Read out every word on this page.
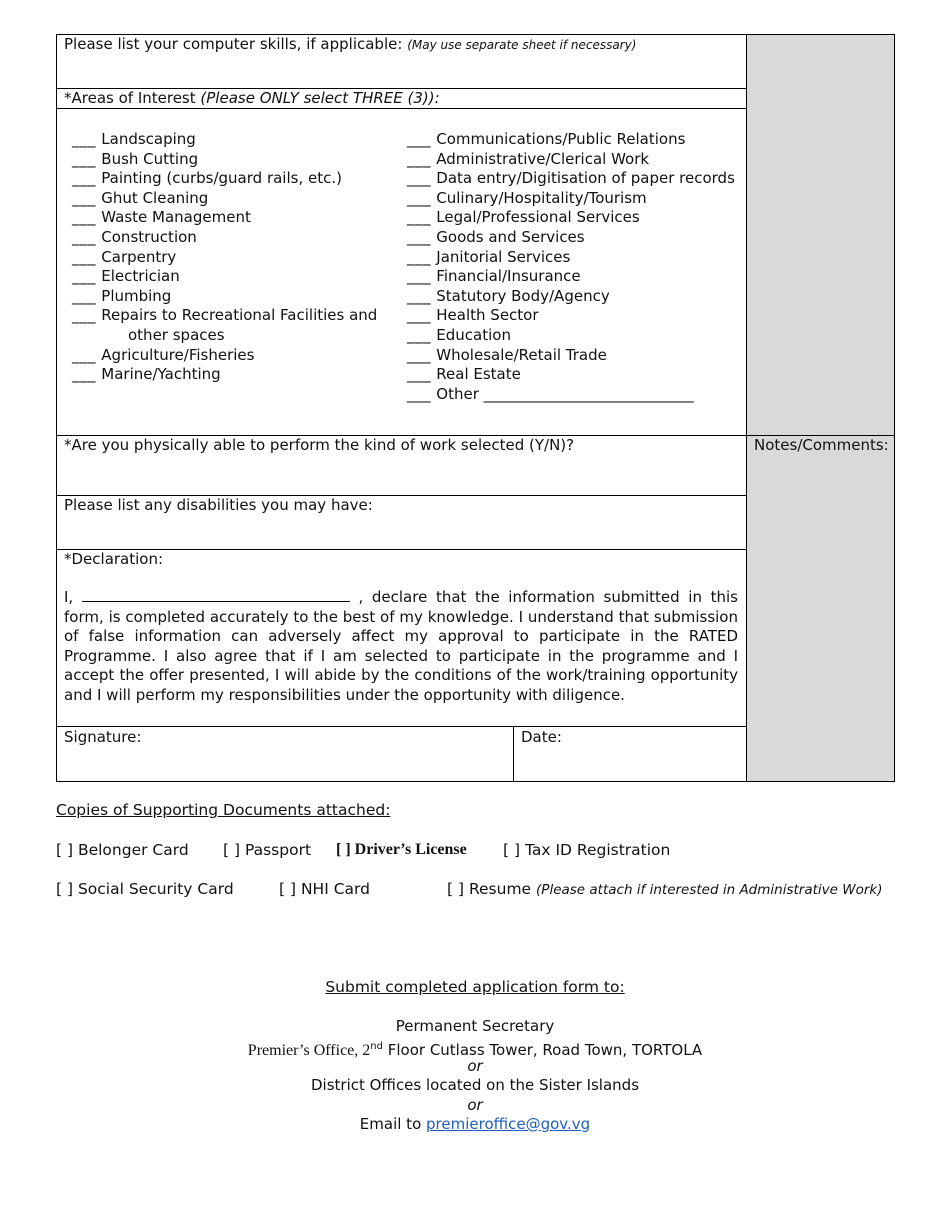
Please list your computer skills, if applicable: (May use separate sheet if necessary)
*Areas of Interest (Please ONLY select THREE (3)):
___ Landscaping
___ Bush Cutting
___ Painting (curbs/guard rails, etc.)
___ Ghut Cleaning
___ Waste Management
___ Construction
___ Carpentry
___ Electrician
___ Plumbing
___ Repairs to Recreational Facilities and
other spaces
___ Agriculture/Fisheries
___ Marine/Yachting
___ Communications/Public Relations
___ Administrative/Clerical Work
___ Data entry/Digitisation of paper records
___ Culinary/Hospitality/Tourism
___ Legal/Professional Services
___ Goods and Services
___ Janitorial Services
___ Financial/Insurance
___ Statutory Body/Agency
___ Health Sector
___ Education
___ Wholesale/Retail Trade
___ Real Estate
___ Other ____________________________
*Are you physically able to perform the kind of work selected (Y/N)?	Notes/Comments:
Please list any disabilities you may have:
*Declaration:
I,	, declare that the information submitted in this form, is completed accurately to the best of my knowledge. I understand that submission of false information can adversely affect my approval to participate in the RATED Programme. I also agree that if I am selected to participate in the programme and I accept the offer presented, I will abide by the conditions of the work/training opportunity and I will perform my responsibilities under the opportunity with diligence.
Signature:	Date:
Copies of Supporting Documents attached:
[ ] Belonger Card [ ] Passport [ ] Driver’s License [ ] Tax ID Registration
[ ] Social Security Card	[ ] NHI Card	[ ] Resume (Please attach if interested in Administrative Work)
Submit completed application form to:
Permanent Secretary
Premier’s Office, 2nd Floor Cutlass Tower, Road Town, TORTOLA
or
District Offices located on the Sister Islands
or
Email to premieroffice@gov.vg
